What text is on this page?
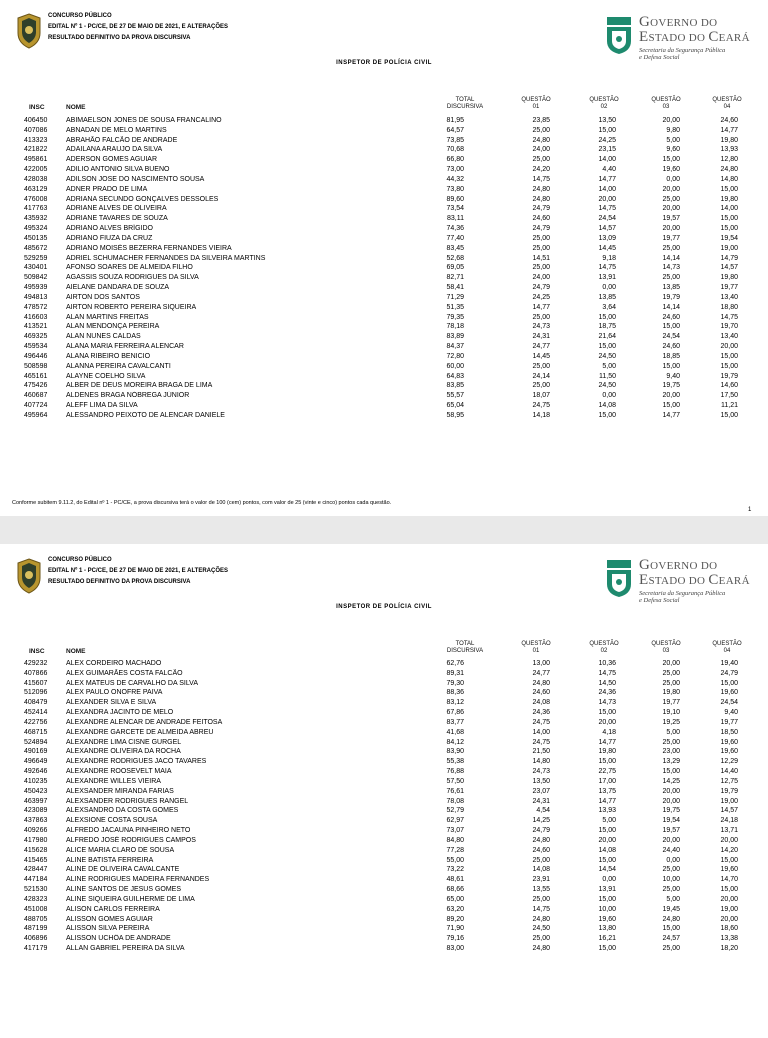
CONCURSO PÚBLICO
EDITAL Nº 1 - PC/CE, DE 27 DE MAIO DE 2021, E ALTERAÇÕES
RESULTADO DEFINITIVO DA PROVA DISCURSIVA
GOVERNO DO
ESTADO DO CEARÁ
Secretaria da Segurança Pública
e Defesa Social
INSPETOR DE POLÍCIA CIVIL
INSC	NOME
TOTAL
DISCURSIVA
QUESTÃO
01
QUESTÃO
02
QUESTÃO
03
QUESTÃO
04
406450	ABIMAELSON JONES DE SOUSA FRANCALINO	81,95	23,85	13,50	20,00	24,60
407086	ABNADAN DE MELO MARTINS	64,57	25,00	15,00	9,80	14,77
413323	ABRAHÃO FALCÃO DE ANDRADE	73,85	24,80	24,25	5,00	19,80
421822	ADAILANA ARAUJO DA SILVA	70,68	24,00	23,15	9,60	13,93
495861	ADERSON GOMES AGUIAR	66,80	25,00	14,00	15,00	12,80
422005	ADILIO ANTONIO SILVA BUENO	73,00	24,20	4,40	19,60	24,80
428038	ADILSON JOSE DO NASCIMENTO SOUSA	44,32	14,75	14,77	0,00	14,80
463129	ADNER PRADO DE LIMA	73,80	24,80	14,00	20,00	15,00
476008	ADRIANA SECUNDO GONÇALVES DESSOLES	89,60	24,80	20,00	25,00	19,80
417763	ADRIANE ALVES DE OLIVEIRA	73,54	24,79	14,75	20,00	14,00
435932	ADRIANE TAVARES DE SOUZA	83,11	24,60	24,54	19,57	15,00
495324	ADRIANO ALVES BRÍGIDO	74,36	24,79	14,57	20,00	15,00
450135	ADRIANO FIUZA DA CRUZ	77,40	25,00	13,09	19,77	19,54
485672	ADRIANO MOISÉS BEZERRA FERNANDES VIEIRA	83,45	25,00	14,45	25,00	19,00
529259	ADRIEL SCHUMACHER FERNANDES DA SILVEIRA MARTINS	52,68	14,51	9,18	14,14	14,79
430401	AFONSO SOARES DE ALMEIDA FILHO	69,05	25,00	14,75	14,73	14,57
509842	AGASSIS SOUZA RODRIGUES DA SILVA	82,71	24,00	13,91	25,00	19,80
495939	AIELANE DANDARA DE SOUZA	58,41	24,79	0,00	13,85	19,77
494813	AIRTON DOS SANTOS	71,29	24,25	13,85	19,79	13,40
478572	AIRTON ROBERTO PEREIRA SIQUEIRA	51,35	14,77	3,64	14,14	18,80
416603	ALAN MARTINS FREITAS	79,35	25,00	15,00	24,60	14,75
413521	ALAN MENDONÇA PEREIRA	78,18	24,73	18,75	15,00	19,70
469325	ALAN NUNES CALDAS	83,89	24,31	21,64	24,54	13,40
459534	ALANA MARIA FERREIRA ALENCAR	84,37	24,77	15,00	24,60	20,00
496446	ALANA RIBEIRO BENICIO	72,80	14,45	24,50	18,85	15,00
508598	ALANNA PEREIRA CAVALCANTI	60,00	25,00	5,00	15,00	15,00
465161	ALAYNE COELHO SILVA	64,83	24,14	11,50	9,40	19,79
475426	ALBER DE DEUS MOREIRA BRAGA DE LIMA	83,85	25,00	24,50	19,75	14,60
460687	ALDENES BRAGA NÓBREGA JÚNIOR	55,57	18,07	0,00	20,00	17,50
407724	ALEFF LIMA DA SILVA	65,04	24,75	14,08	15,00	11,21
495964	ALESSANDRO PEIXOTO DE ALENCAR DANIELE	58,95	14,18	15,00	14,77	15,00
Conforme subitem 9.11.2, do Edital nº 1 - PC/CE, a prova discursiva terá o valor de 100 (cem) pontos, com valor de 25 (vinte e cinco) pontos cada questão.
1
CONCURSO PÚBLICO
EDITAL Nº 1 - PC/CE, DE 27 DE MAIO DE 2021, E ALTERAÇÕES
RESULTADO DEFINITIVO DA PROVA DISCURSIVA
GOVERNO DO
ESTADO DO CEARÁ
Secretaria da Segurança Pública
e Defesa Social
INSPETOR DE POLÍCIA CIVIL
INSC	NOME
TOTAL
DISCURSIVA
QUESTÃO
01
QUESTÃO
02
QUESTÃO
03
QUESTÃO
04
429232	ALEX CORDEIRO MACHADO	62,76	13,00	10,36	20,00	19,40
407866	ALEX GUIMARÃES COSTA FALCÃO	89,31	24,77	14,75	25,00	24,79
415607	ALEX MATEUS DE CARVALHO DA SILVA	79,30	24,80	14,50	25,00	15,00
512096	ALEX PAULO ONOFRE PAIVA	88,36	24,60	24,36	19,80	19,60
408479	ALEXANDER SILVA E SILVA	83,12	24,08	14,73	19,77	24,54
452414	ALEXANDRA JACINTO DE MELO	67,86	24,36	15,00	19,10	9,40
422756	ALEXANDRE ALENCAR DE ANDRADE FEITOSA	83,77	24,75	20,00	19,25	19,77
468715	ALEXANDRE GARCETE DE ALMEIDA ABREU	41,68	14,00	4,18	5,00	18,50
524894	ALEXANDRE LIMA CISNE GURGEL	84,12	24,75	14,77	25,00	19,60
490169	ALEXANDRE OLIVEIRA DA ROCHA	83,90	21,50	19,80	23,00	19,60
496649	ALEXANDRE RODRIGUES JACÓ TAVARES	55,38	14,80	15,00	13,29	12,29
492646	ALEXANDRE ROOSEVELT MAIA	76,88	24,73	22,75	15,00	14,40
410235	ALEXANDRE WILLES VIEIRA	57,50	13,50	17,00	14,25	12,75
450423	ALEXSANDER MIRANDA FARIAS	76,61	23,07	13,75	20,00	19,79
463997	ALEXSANDER RODRIGUES RANGEL	78,08	24,31	14,77	20,00	19,00
423089	ALEXSANDRO DA COSTA GOMES	52,79	4,54	13,93	19,75	14,57
437863	ALEXSIONE COSTA SOUSA	62,97	14,25	5,00	19,54	24,18
409266	ALFREDO JACAUNA PINHEIRO NETO	73,07	24,79	15,00	19,57	13,71
417980	ALFREDO JOSÉ RODRIGUES CAMPOS	84,80	24,80	20,00	20,00	20,00
415628	ALICE MARIA CLARO DE SOUSA	77,28	24,60	14,08	24,40	14,20
415465	ALINE BATISTA FERREIRA	55,00	25,00	15,00	0,00	15,00
428447	ALINE DE OLIVEIRA CAVALCANTE	73,22	14,08	14,54	25,00	19,60
447184	ALINE RODRIGUES MADEIRA FERNANDES	48,61	23,91	0,00	10,00	14,70
521530	ALINE SANTOS DE JESUS GOMES	68,66	13,55	13,91	25,00	15,00
428323	ALINE SIQUEIRA GUILHERME DE LIMA	65,00	25,00	15,00	5,00	20,00
451008	ALISON CARLOS FERREIRA	63,20	14,75	10,00	19,45	19,00
488705	ALISSON GOMES AGUIAR	89,20	24,80	19,60	24,80	20,00
487199	ALISSON SILVA PEREIRA	71,90	24,50	13,80	15,00	18,60
406896	ALISSON UCHÔA DE ANDRADE	79,16	25,00	16,21	24,57	13,38
417179	ALLAN GABRIEL PEREIRA DA SILVA	83,00	24,80	15,00	25,00	18,20
